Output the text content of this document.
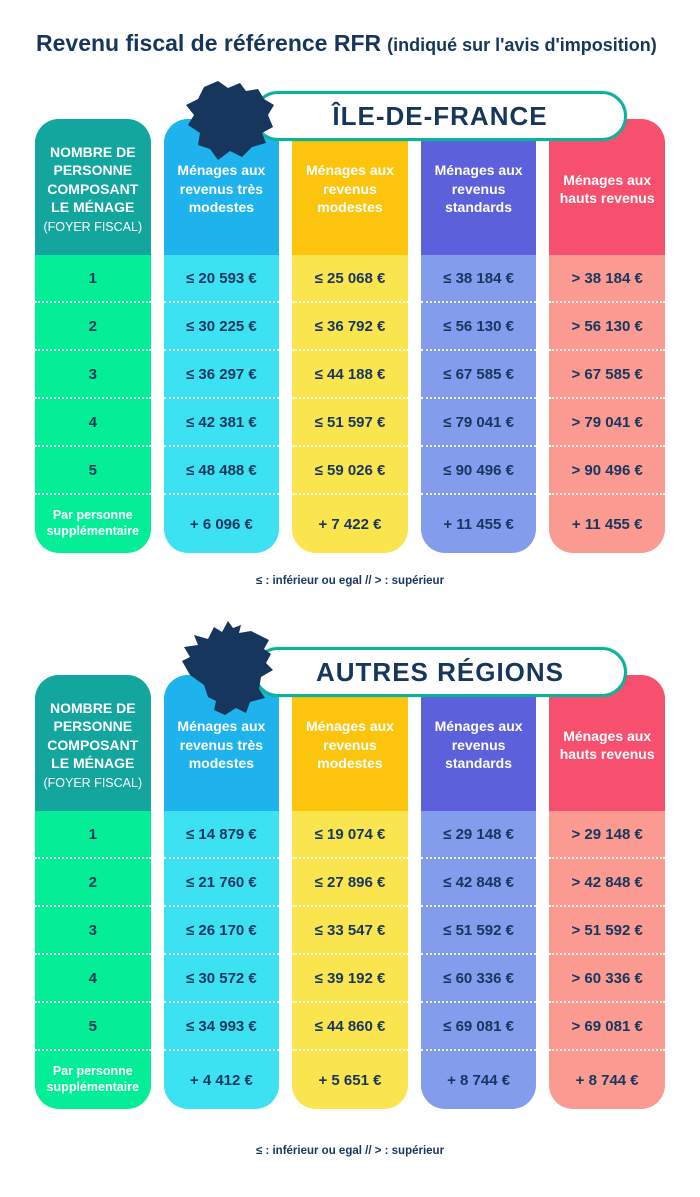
Revenu fiscal de référence RFR (indiqué sur l'avis d'imposition)
ÎLE-DE-FRANCE
NOMBRE DE PERSONNE COMPOSANT LE MÉNAGE
(FOYER FISCAL)
1
2
3
4
5
Par personne supplémentaire
Ménages aux revenus très modestes
≤ 20 593 €
≤ 30 225 €
≤ 36 297 €
≤ 42 381 €
≤ 48 488 €
+ 6 096 €
Ménages aux revenus modestes
≤ 25 068 €
≤ 36 792 €
≤ 44 188 €
≤ 51 597 €
≤ 59 026 €
+ 7 422 €
Ménages aux revenus standards
≤ 38 184 €
≤ 56 130 €
≤ 67 585 €
≤ 79 041 €
≤ 90 496 €
+ 11 455 €
Ménages aux hauts revenus
> 38 184 €
> 56 130 €
> 67 585 €
> 79 041 €
> 90 496 €
+ 11 455 €
≤ : inférieur ou egal // > : supérieur
AUTRES RÉGIONS
NOMBRE DE PERSONNE COMPOSANT LE MÉNAGE
(FOYER FISCAL)
1
2
3
4
5
Par personne supplémentaire
Ménages aux revenus très modestes
≤ 14 879 €
≤ 21 760 €
≤ 26 170 €
≤ 30 572 €
≤ 34 993 €
+ 4 412 €
Ménages aux revenus modestes
≤ 19 074 €
≤ 27 896 €
≤ 33 547 €
≤ 39 192 €
≤ 44 860 €
+ 5 651 €
Ménages aux revenus standards
≤ 29 148 €
≤ 42 848 €
≤ 51 592 €
≤ 60 336 €
≤ 69 081 €
+ 8 744 €
Ménages aux hauts revenus
> 29 148 €
> 42 848 €
> 51 592 €
> 60 336 €
> 69 081 €
+ 8 744 €
≤ : inférieur ou egal // > : supérieur
